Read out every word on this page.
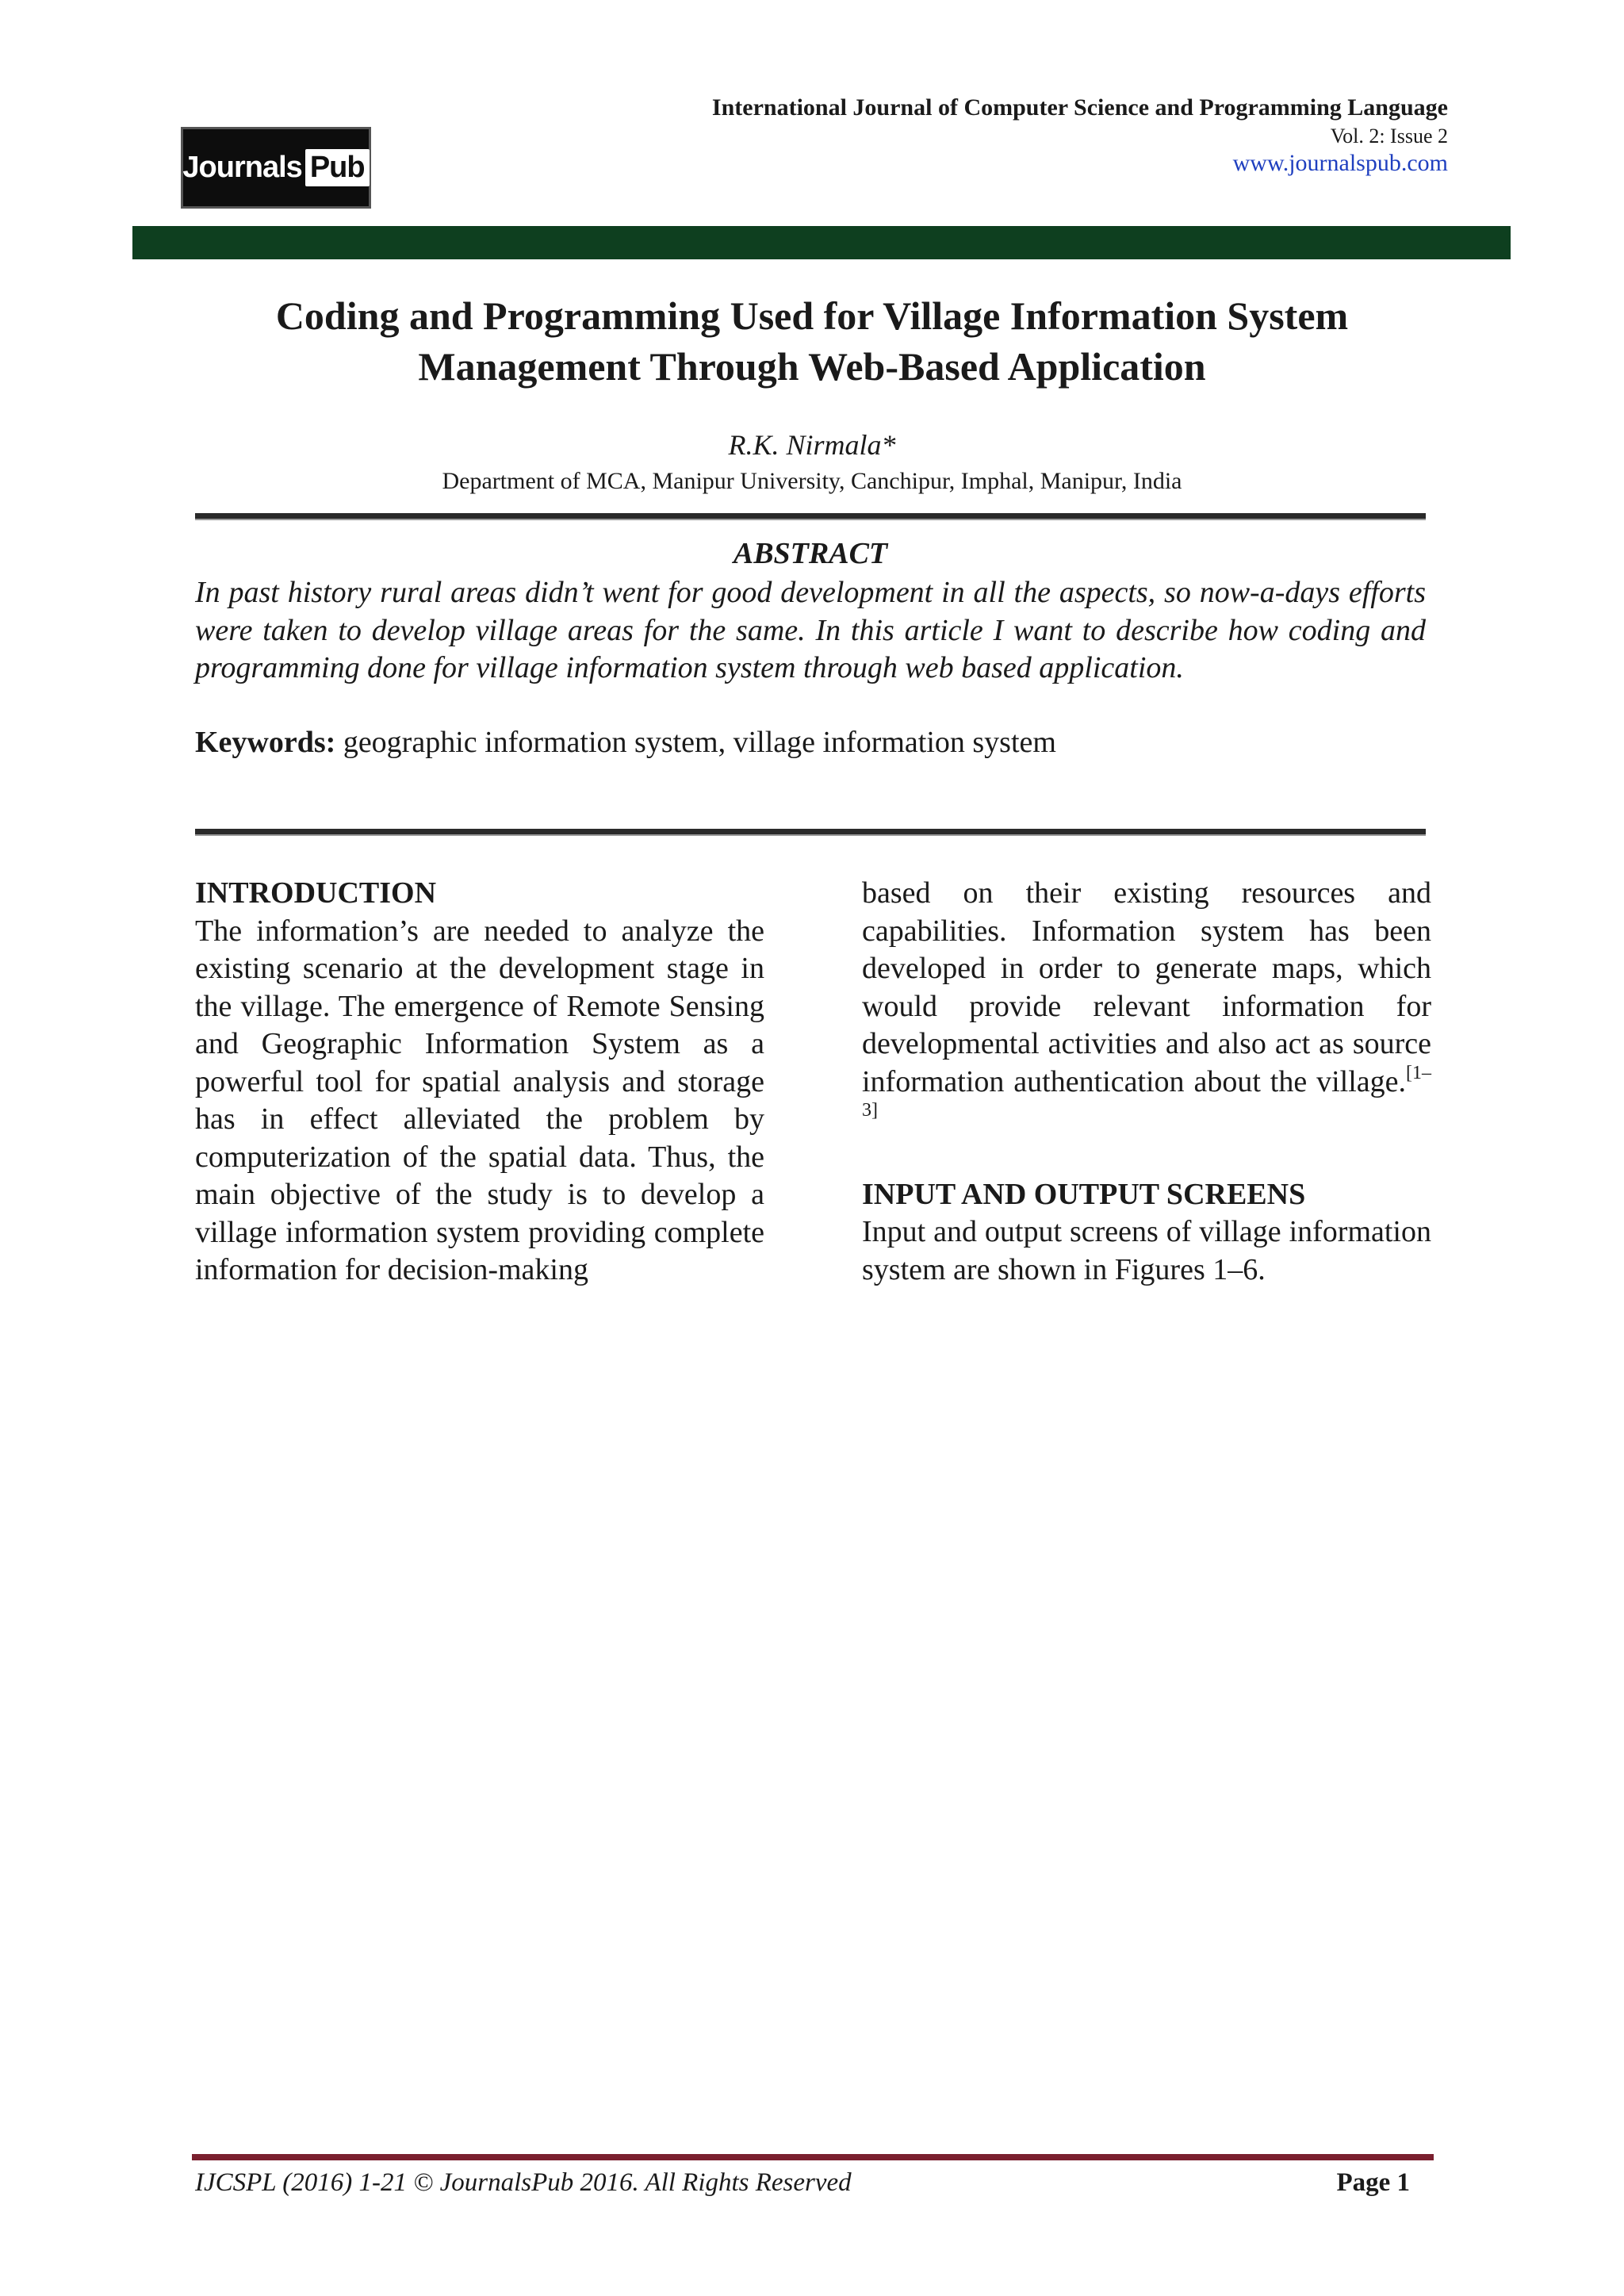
Journals Pub
International Journal of Computer Science and Programming Language
Vol. 2: Issue 2
www.journalspub.com
Coding and Programming Used for Village Information System
Management Through Web-Based Application
R.K. Nirmala*
Department of MCA, Manipur University, Canchipur, Imphal, Manipur, India
ABSTRACT
In past history rural areas didn’t went for good development in all the aspects, so now-a-days efforts were taken to develop village areas for the same. In this article I want to describe how coding and programming done for village information system through web based application.
Keywords: geographic information system, village information system

INTRODUCTION

The information’s are needed to analyze the existing scenario at the development stage in the village. The emergence of Remote Sensing and Geographic Information System as a powerful tool for spatial analysis and storage has in effect alleviated the problem by computerization of the spatial data. Thus, the main objective of the study is to develop a village information system providing complete information for decision-making

based on their existing resources and capabilities. Information system has been developed in order to generate maps, which would provide relevant information for developmental activities and also act as source information authentication about the village.[1–3]

INPUT AND OUTPUT SCREENS

Input and output screens of village information system are shown in Figures 1–6.

IJCSPL (2016) 1-21 © JournalsPub 2016. All Rights Reserved	Page 1
